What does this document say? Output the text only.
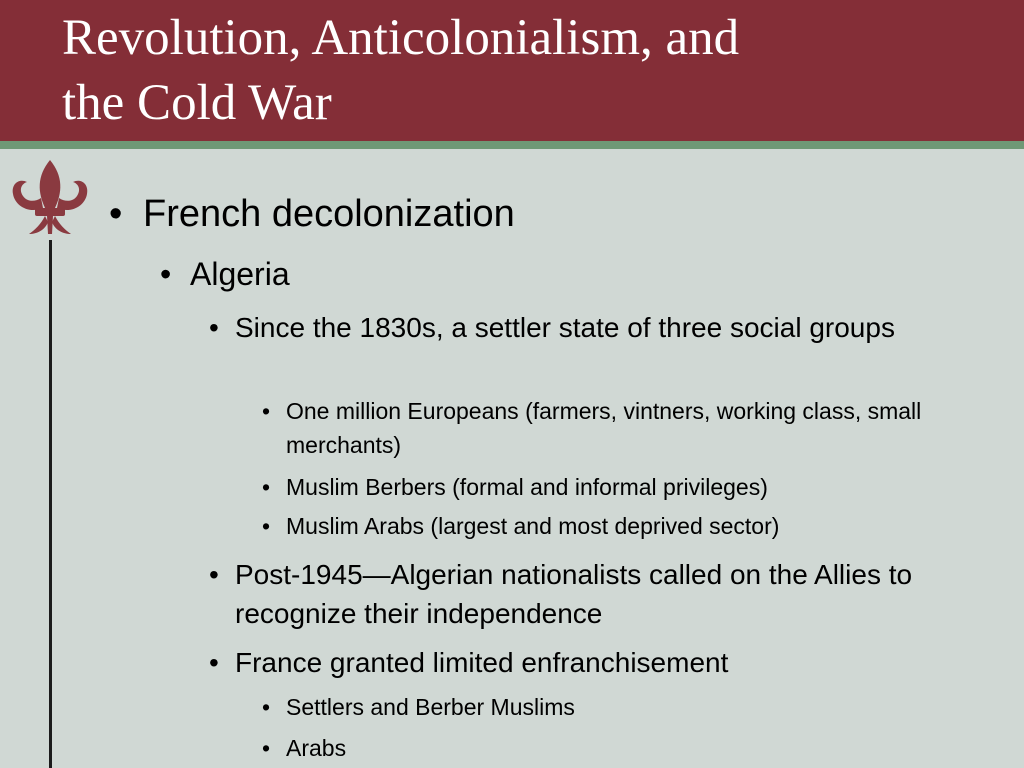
Revolution, Anticolonialism, and
the Cold War

• French decolonization

• Algeria

• Since the 1830s, a settler state of three social groups

• One million Europeans (farmers, vintners, working class, small merchants)

• Muslim Berbers (formal and informal privileges)

• Muslim Arabs (largest and most deprived sector)

• Post-1945—Algerian nationalists called on the Allies to recognize their independence

• France granted limited enfranchisement

• Settlers and Berber Muslims

• Arabs
